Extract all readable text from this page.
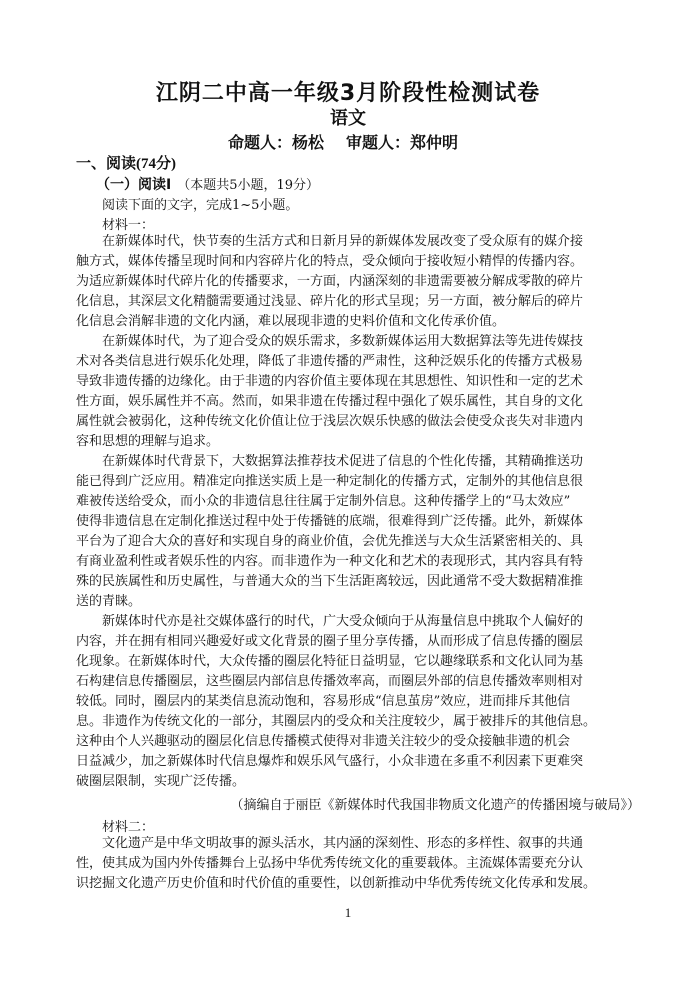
江阴二中高一年级3月阶段性检测试卷
语文
命题人：杨松 审题人：郑仲明
一、阅读(74分)
（一）阅读Ⅰ （本题共5小题，19分）
阅读下面的文字，完成1~5小题。
材料一：
在新媒体时代，快节奏的生活方式和日新月异的新媒体发展改变了受众原有的媒介接
触方式，媒体传播呈现时间和内容碎片化的特点，受众倾向于接收短小精悍的传播内容。
为适应新媒体时代碎片化的传播要求，一方面，内涵深刻的非遗需要被分解成零散的碎片
化信息，其深层文化精髓需要通过浅显、碎片化的形式呈现；另一方面，被分解后的碎片
化信息会消解非遗的文化内涵，难以展现非遗的史料价值和文化传承价值。
在新媒体时代，为了迎合受众的娱乐需求，多数新媒体运用大数据算法等先进传媒技
术对各类信息进行娱乐化处理，降低了非遗传播的严肃性，这种泛娱乐化的传播方式极易
导致非遗传播的边缘化。由于非遗的内容价值主要体现在其思想性、知识性和一定的艺术
性方面，娱乐属性并不高。然而，如果非遗在传播过程中强化了娱乐属性，其自身的文化
属性就会被弱化，这种传统文化价值让位于浅层次娱乐快感的做法会使受众丧失对非遗内
容和思想的理解与追求。
在新媒体时代背景下，大数据算法推荐技术促进了信息的个性化传播，其精确推送功
能已得到广泛应用。精准定向推送实质上是一种定制化的传播方式，定制外的其他信息很
难被传送给受众，而小众的非遗信息往往属于定制外信息。这种传播学上的“马太效应”
使得非遗信息在定制化推送过程中处于传播链的底端，很难得到广泛传播。此外，新媒体
平台为了迎合大众的喜好和实现自身的商业价值，会优先推送与大众生活紧密相关的、具
有商业盈利性或者娱乐性的内容。而非遗作为一种文化和艺术的表现形式，其内容具有特
殊的民族属性和历史属性，与普通大众的当下生活距离较远，因此通常不受大数据精准推
送的青睐。
新媒体时代亦是社交媒体盛行的时代，广大受众倾向于从海量信息中挑取个人偏好的
内容，并在拥有相同兴趣爱好或文化背景的圈子里分享传播，从而形成了信息传播的圈层
化现象。在新媒体时代，大众传播的圈层化特征日益明显，它以趣缘联系和文化认同为基
石构建信息传播圈层，这些圈层内部信息传播效率高，而圈层外部的信息传播效率则相对
较低。同时，圈层内的某类信息流动饱和，容易形成“信息茧房”效应，进而排斥其他信
息。非遗作为传统文化的一部分，其圈层内的受众和关注度较少，属于被排斥的其他信息。
这种由个人兴趣驱动的圈层化信息传播模式使得对非遗关注较少的受众接触非遗的机会
日益减少，加之新媒体时代信息爆炸和娱乐风气盛行，小众非遗在多重不利因素下更难突
破圈层限制，实现广泛传播。
（摘编自于丽臣《新媒体时代我国非物质文化遗产的传播困境与破局》）
材料二：
文化遗产是中华文明故事的源头活水，其内涵的深刻性、形态的多样性、叙事的共通
性，使其成为国内外传播舞台上弘扬中华优秀传统文化的重要载体。主流媒体需要充分认
识挖掘文化遗产历史价值和时代价值的重要性，以创新推动中华优秀传统文化传承和发展。
1
